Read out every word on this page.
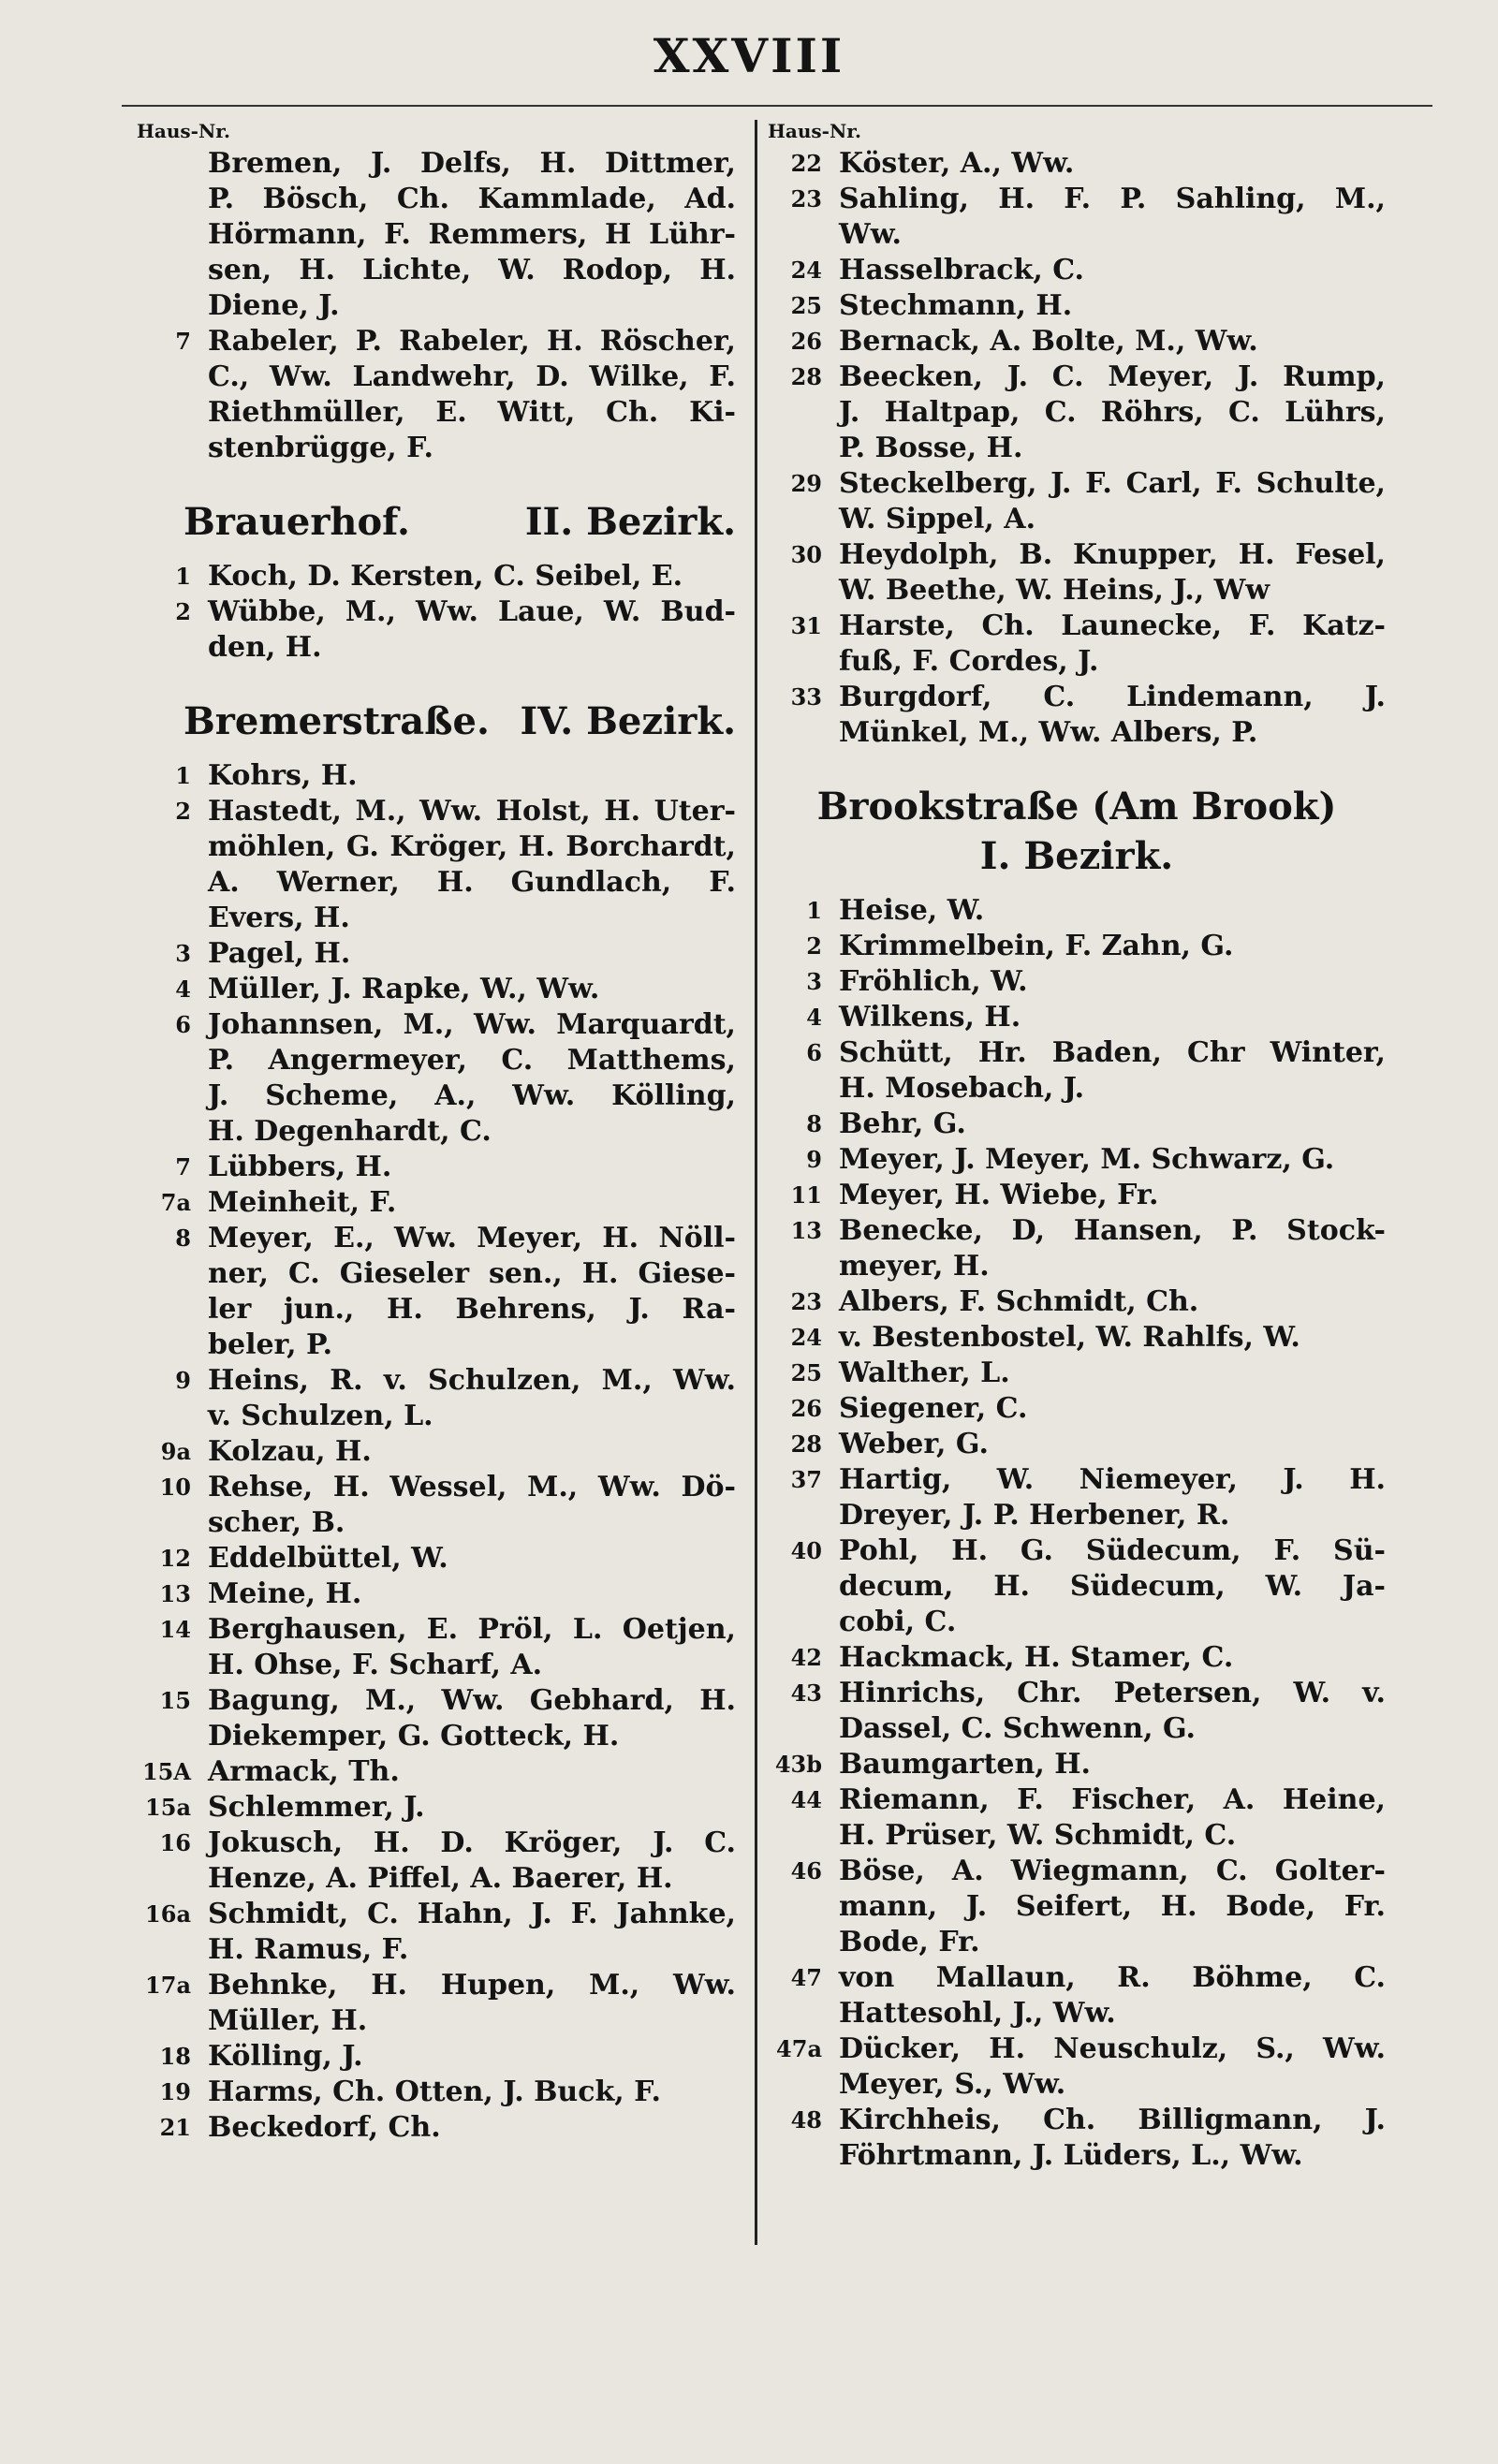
XXVIII
Haus-Nr.
Bremen, J. Delfs, H. Dittmer,
P. Bösch, Ch. Kammlade, Ad.
Hörmann, F. Remmers, H Lühr-
sen, H. Lichte, W. Rodop, H.
Diene, J.
7 Rabeler, P. Rabeler, H. Röscher,
C., Ww. Landwehr, D. Wilke, F.
Riethmüller, E. Witt, Ch. Ki-
stenbrügge, F.
Brauerhof.	II. Bezirk.
1 Koch, D. Kersten, C. Seibel, E.
2 Wübbe, M., Ww. Laue, W. Bud-
den, H.
Bremerstraße. IV. Bezirk.
1 Kohrs, H.
2 Hastedt, M., Ww. Holst, H. Uter-
möhlen, G. Kröger, H. Borchardt,
A. Werner, H. Gundlach, F.
Evers, H.
3 Pagel, H.
4 Müller, J. Rapke, W., Ww.
6 Johannsen, M., Ww. Marquardt,
P. Angermeyer, C. Matthems,
J. Scheme, A., Ww. Kölling,
H. Degenhardt, C.
7 Lübbers, H.
7a Meinheit, F.
8 Meyer, E., Ww. Meyer, H. Nöll-
ner, C. Gieseler sen., H. Giese-
ler jun., H. Behrens, J. Ra-
beler, P.
9 Heins, R. v. Schulzen, M., Ww.
v. Schulzen, L.
9a Kolzau, H.
10 Rehse, H. Wessel, M., Ww. Dö-
scher, B.
12 Eddelbüttel, W.
13 Meine, H.
14 Berghausen, E. Pröl, L. Oetjen,
H. Ohse, F. Scharf, A.
15 Bagung, M., Ww. Gebhard, H.
Diekemper, G. Gotteck, H.
15A Armack, Th.
15a Schlemmer, J.
16 Jokusch, H. D. Kröger, J. C.
Henze, A. Piffel, A. Baerer, H.
16a Schmidt, C. Hahn, J. F. Jahnke,
H. Ramus, F.
17a Behnke, H. Hupen, M., Ww.
Müller, H.
18 Kölling, J.
19 Harms, Ch. Otten, J. Buck, F.
21 Beckedorf, Ch.
Haus-Nr.
22 Köster, A., Ww.
23 Sahling, H. F. P. Sahling, M.,
Ww.
24 Hasselbrack, C.
25 Stechmann, H.
26 Bernack, A. Bolte, M., Ww.
28 Beecken, J. C. Meyer, J. Rump,
J. Haltpap, C. Röhrs, C. Lührs,
P. Bosse, H.
29 Steckelberg, J. F. Carl, F. Schulte,
W. Sippel, A.
30 Heydolph, B. Knupper, H. Fesel,
W. Beethe, W. Heins, J., Ww
31 Harste, Ch. Launecke, F. Katz-
fuß, F. Cordes, J.
33 Burgdorf, C. Lindemann, J.
Münkel, M., Ww. Albers, P.
Brookstraße (Am Brook)
I. Bezirk.
1 Heise, W.
2 Krimmelbein, F. Zahn, G.
3 Fröhlich, W.
4 Wilkens, H.
6 Schütt, Hr. Baden, Chr Winter,
H. Mosebach, J.
8 Behr, G.
9 Meyer, J. Meyer, M. Schwarz, G.
11 Meyer, H. Wiebe, Fr.
13 Benecke, D, Hansen, P. Stock-
meyer, H.
23 Albers, F. Schmidt, Ch.
24 v. Bestenbostel, W. Rahlfs, W.
25 Walther, L.
26 Siegener, C.
28 Weber, G.
37 Hartig, W. Niemeyer, J. H.
Dreyer, J. P. Herbener, R.
40 Pohl, H. G. Südecum, F. Sü-
decum, H. Südecum, W. Ja-
cobi, C.
42 Hackmack, H. Stamer, C.
43 Hinrichs, Chr. Petersen, W. v.
Dassel, C. Schwenn, G.
43b Baumgarten, H.
44 Riemann, F. Fischer, A. Heine,
H. Prüser, W. Schmidt, C.
46 Böse, A. Wiegmann, C. Golter-
mann, J. Seifert, H. Bode, Fr.
Bode, Fr.
47 von Mallaun, R. Böhme, C.
Hattesohl, J., Ww.
47a Dücker, H. Neuschulz, S., Ww.
Meyer, S., Ww.
48 Kirchheis, Ch. Billigmann, J.
Föhrtmann, J. Lüders, L., Ww.
